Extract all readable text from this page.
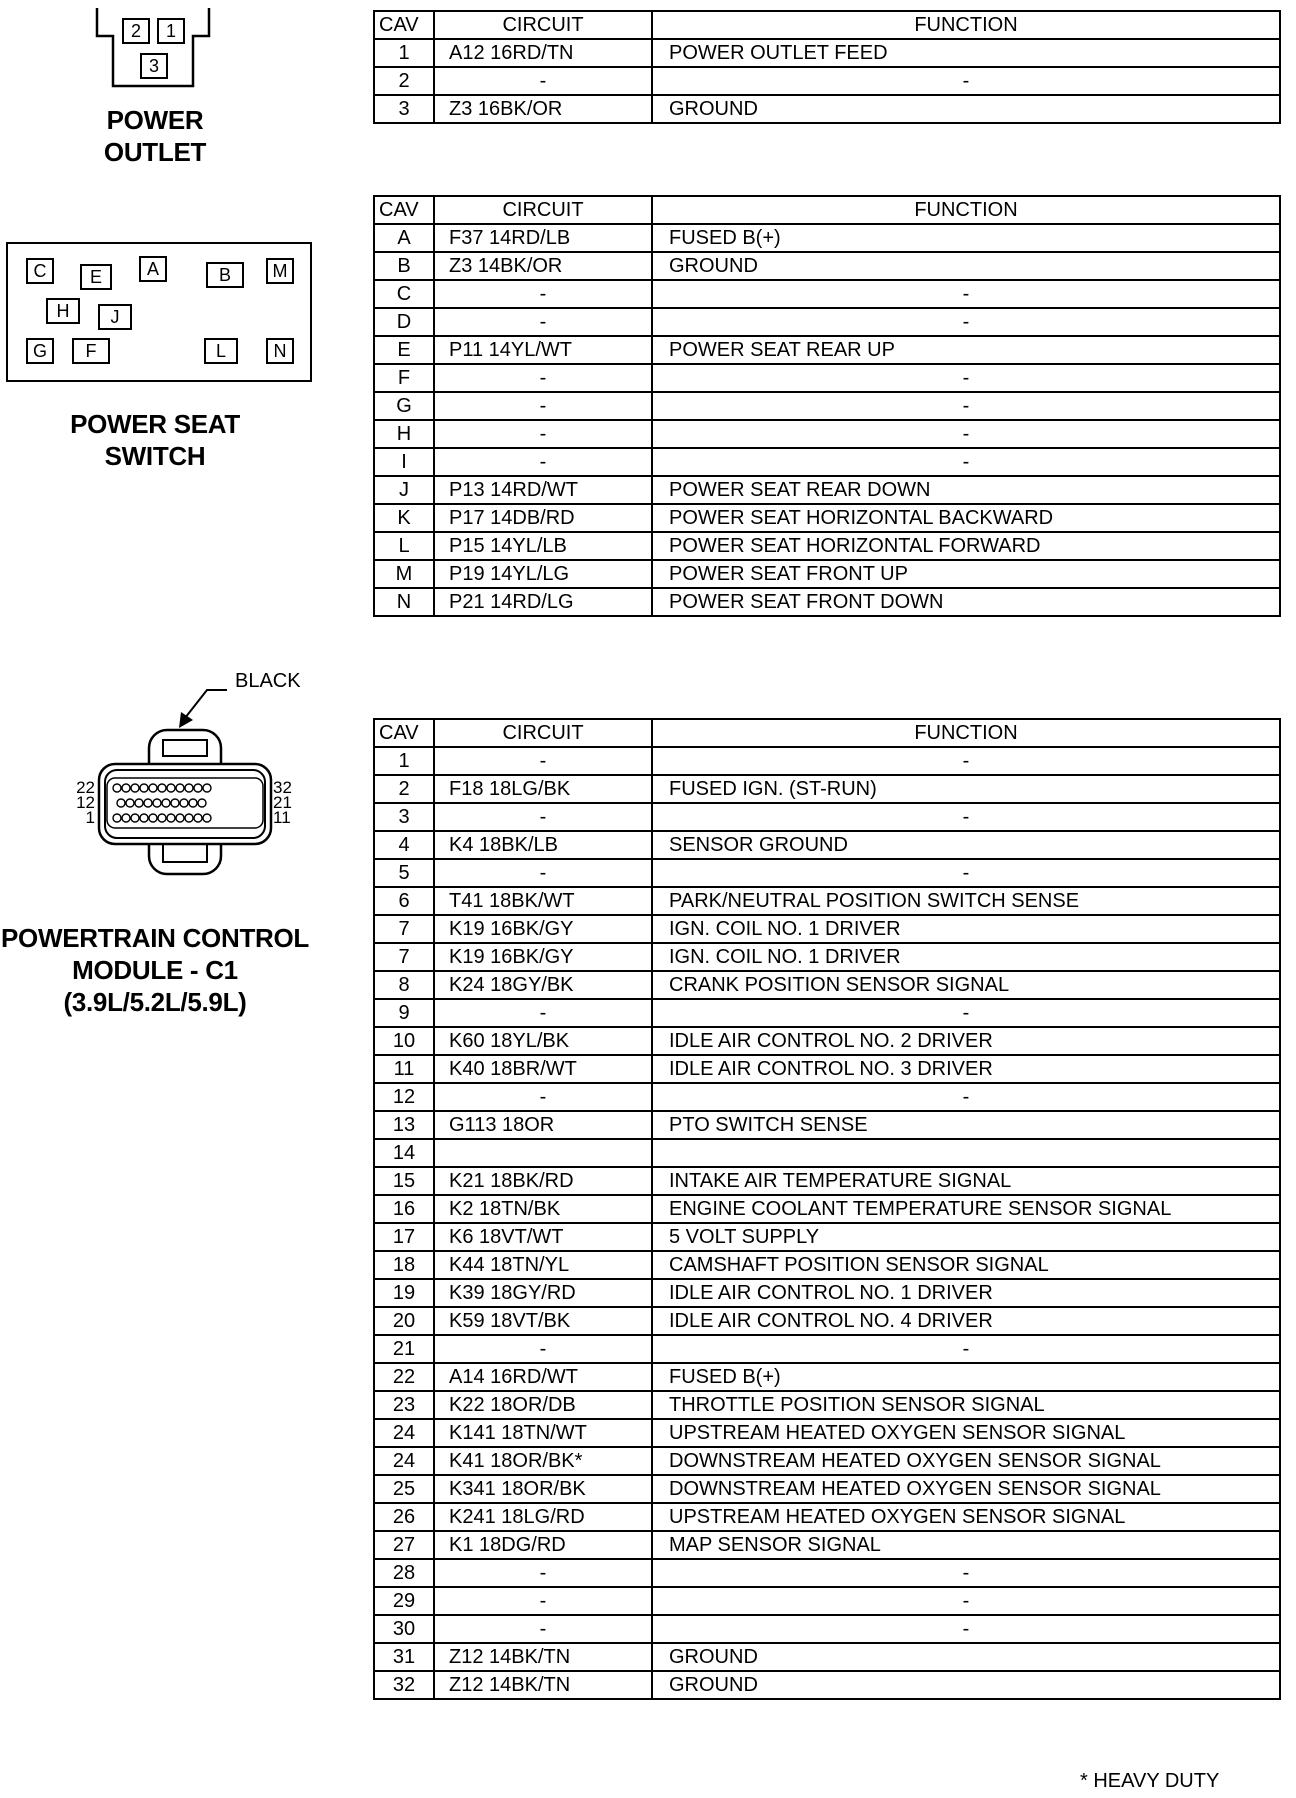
2	1
3
POWER
OUTLET
C	E	A	B	M
H	J
G	F	L	N
POWER SEAT
SWITCH
BLACK
22
12
1
32
21
11
POWERTRAIN CONTROL
MODULE - C1
(3.9L/5.2L/5.9L)
CAV	CIRCUIT	FUNCTION
1	A12 16RD/TN	POWER OUTLET FEED
2	-	-
3	Z3 16BK/OR	GROUND
CAV	CIRCUIT	FUNCTION
A	F37 14RD/LB	FUSED B(+)
B	Z3 14BK/OR	GROUND
C	-	-
D	-	-
E	P11 14YL/WT	POWER SEAT REAR UP
F	-	-
G	-	-
H	-	-
I	-	-
J	P13 14RD/WT	POWER SEAT REAR DOWN
K	P17 14DB/RD	POWER SEAT HORIZONTAL BACKWARD
L	P15 14YL/LB	POWER SEAT HORIZONTAL FORWARD
M	P19 14YL/LG	POWER SEAT FRONT UP
N	P21 14RD/LG	POWER SEAT FRONT DOWN
CAV	CIRCUIT	FUNCTION
1	-	-
2	F18 18LG/BK	FUSED IGN. (ST-RUN)
3	-	-
4	K4 18BK/LB	SENSOR GROUND
5	-	-
6	T41 18BK/WT	PARK/NEUTRAL POSITION SWITCH SENSE
7	K19 16BK/GY	IGN. COIL NO. 1 DRIVER
7	K19 16BK/GY	IGN. COIL NO. 1 DRIVER
8	K24 18GY/BK	CRANK POSITION SENSOR SIGNAL
9	-	-
10	K60 18YL/BK	IDLE AIR CONTROL NO. 2 DRIVER
11	K40 18BR/WT	IDLE AIR CONTROL NO. 3 DRIVER
12	-	-
13	G113 18OR	PTO SWITCH SENSE
14		
15	K21 18BK/RD	INTAKE AIR TEMPERATURE SIGNAL
16	K2 18TN/BK	ENGINE COOLANT TEMPERATURE SENSOR SIGNAL
17	K6 18VT/WT	5 VOLT SUPPLY
18	K44 18TN/YL	CAMSHAFT POSITION SENSOR SIGNAL
19	K39 18GY/RD	IDLE AIR CONTROL NO. 1 DRIVER
20	K59 18VT/BK	IDLE AIR CONTROL NO. 4 DRIVER
21	-	-
22	A14 16RD/WT	FUSED B(+)
23	K22 18OR/DB	THROTTLE POSITION SENSOR SIGNAL
24	K141 18TN/WT	UPSTREAM HEATED OXYGEN SENSOR SIGNAL
24	K41 18OR/BK*	DOWNSTREAM HEATED OXYGEN SENSOR SIGNAL
25	K341 18OR/BK	DOWNSTREAM HEATED OXYGEN SENSOR SIGNAL
26	K241 18LG/RD	UPSTREAM HEATED OXYGEN SENSOR SIGNAL
27	K1 18DG/RD	MAP SENSOR SIGNAL
28	-	-
29	-	-
30	-	-
31	Z12 14BK/TN	GROUND
32	Z12 14BK/TN	GROUND
* HEAVY DUTY
